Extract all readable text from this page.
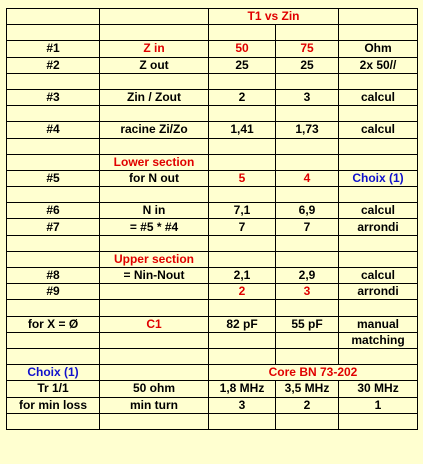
		T1 vs Zin		

#1	Z in	50	75	Ohm
#2	Z out	25	25	2x 50//

#3	Zin / Zout	2	3	calcul

#4	racine Zi/Zo	1,41	1,73	calcul

	Lower section			
#5	for N out	5	4	Choix (1)

#6	N in	7,1	6,9	calcul
#7	= #5 * #4	7	7	arrondi

	Upper section			
#8	= Nin-Nout	2,1	2,9	calcul
#9		2	3	arrondi

for X = Ø	C1	82 pF	55 pF	manual
				matching

Choix (1)		Core BN 73-202		
Tr 1/1	50 ohm	1,8 MHz	3,5 MHz	30 MHz
for min loss	min turn	3	2	1
